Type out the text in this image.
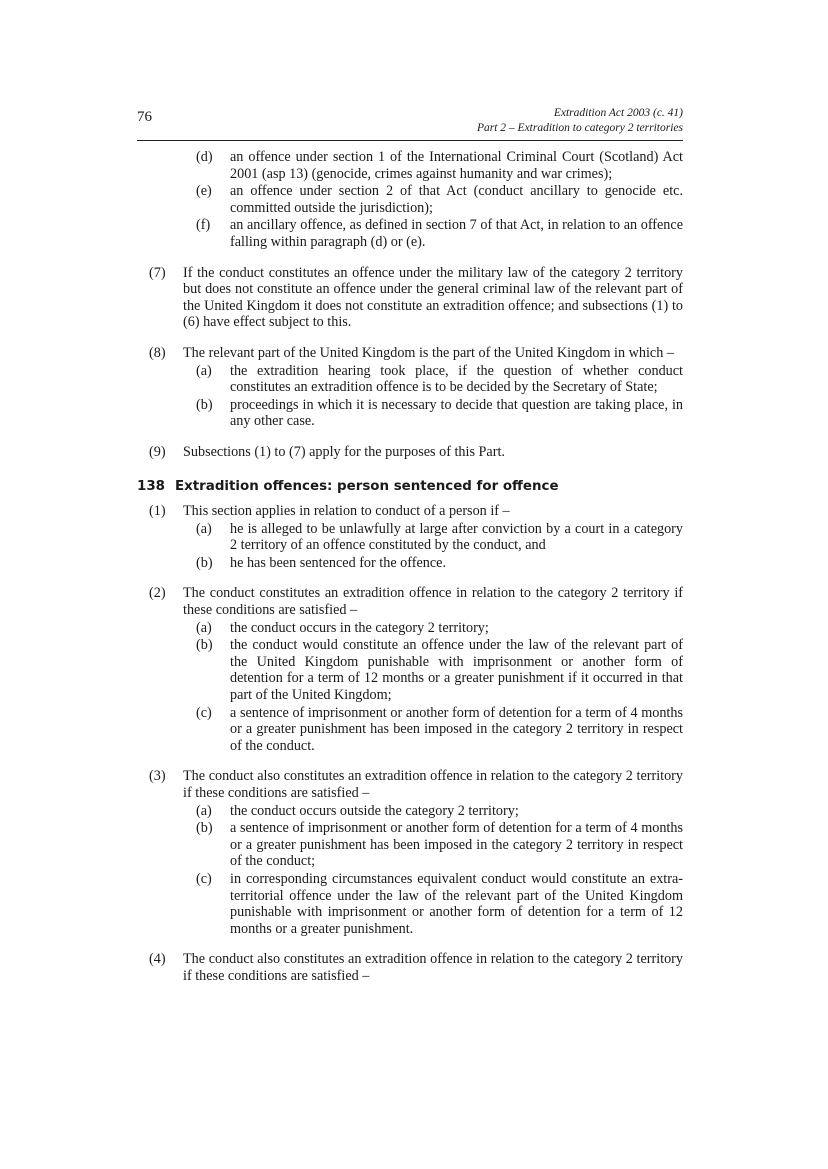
76	Extradition Act 2003 (c. 41)
Part 2 – Extradition to category 2 territories
(d) an offence under section 1 of the International Criminal Court (Scotland) Act 2001 (asp 13) (genocide, crimes against humanity and war crimes);
(e) an offence under section 2 of that Act (conduct ancillary to genocide etc. committed outside the jurisdiction);
(f) an ancillary offence, as defined in section 7 of that Act, in relation to an offence falling within paragraph (d) or (e).
(7) If the conduct constitutes an offence under the military law of the category 2 territory but does not constitute an offence under the general criminal law of the relevant part of the United Kingdom it does not constitute an extradition offence; and subsections (1) to (6) have effect subject to this.
(8) The relevant part of the United Kingdom is the part of the United Kingdom in which –
(a) the extradition hearing took place, if the question of whether conduct constitutes an extradition offence is to be decided by the Secretary of State;
(b) proceedings in which it is necessary to decide that question are taking place, in any other case.
(9) Subsections (1) to (7) apply for the purposes of this Part.
138 Extradition offences: person sentenced for offence
(1) This section applies in relation to conduct of a person if –
(a) he is alleged to be unlawfully at large after conviction by a court in a category 2 territory of an offence constituted by the conduct, and
(b) he has been sentenced for the offence.
(2) The conduct constitutes an extradition offence in relation to the category 2 territory if these conditions are satisfied –
(a) the conduct occurs in the category 2 territory;
(b) the conduct would constitute an offence under the law of the relevant part of the United Kingdom punishable with imprisonment or another form of detention for a term of 12 months or a greater punishment if it occurred in that part of the United Kingdom;
(c) a sentence of imprisonment or another form of detention for a term of 4 months or a greater punishment has been imposed in the category 2 territory in respect of the conduct.
(3) The conduct also constitutes an extradition offence in relation to the category 2 territory if these conditions are satisfied –
(a) the conduct occurs outside the category 2 territory;
(b) a sentence of imprisonment or another form of detention for a term of 4 months or a greater punishment has been imposed in the category 2 territory in respect of the conduct;
(c) in corresponding circumstances equivalent conduct would constitute an extra-territorial offence under the law of the relevant part of the United Kingdom punishable with imprisonment or another form of detention for a term of 12 months or a greater punishment.
(4) The conduct also constitutes an extradition offence in relation to the category 2 territory if these conditions are satisfied –
